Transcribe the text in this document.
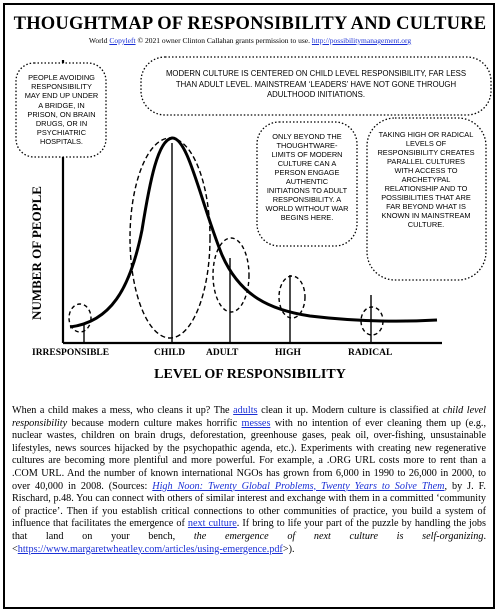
THOUGHTMAP OF RESPONSIBILITY AND CULTURE
World Copyleft © 2021 owner Clinton Callahan grants permission to use. http://possibilitymanagement.org
PEOPLE AVOIDING RESPONSIBILITY MAY END UP UNDER A BRIDGE, IN PRISON, ON BRAIN DRUGS, OR IN PSYCHIATRIC HOSPITALS.
MODERN CULTURE IS CENTERED ON CHILD LEVEL RESPONSIBILITY, FAR LESS THAN ADULT LEVEL. MAINSTREAM ‘LEADERS’ HAVE NOT GONE THROUGH ADULTHOOD INITIATIONS.
ONLY BEYOND THE THOUGHTWARE-LIMITS OF MODERN CULTURE CAN A PERSON ENGAGE AUTHENTIC INITIATIONS TO ADULT RESPONSIBILITY. A WORLD WITHOUT WAR BEGINS HERE.
TAKING HIGH OR RADICAL LEVELS OF RESPONSIBILITY CREATES PARALLEL CULTURES WITH ACCESS TO ARCHETYPAL RELATIONSHIP AND TO POSSIBILITIES THAT ARE FAR BEYOND WHAT IS KNOWN IN MAINSTREAM CULTURE.
NUMBER OF PEOPLE
IRRESPONSIBLE	CHILD ADULT	HIGH	RADICAL
LEVEL OF RESPONSIBILITY
When a child makes a mess, who cleans it up? The adults clean it up. Modern culture is classified at child level responsibility because modern culture makes horrific messes with no intention of ever cleaning them up (e.g., nuclear wastes, children on brain drugs, deforestation, greenhouse gases, peak oil, over-fishing, unsustainable lifestyles, news sources hijacked by the psychopathic agenda, etc.). Experiments with creating new regenerative cultures are becoming more plentiful and more powerful. For example, a .ORG URL costs more to rent than a .COM URL. And the number of known international NGOs has grown from 6,000 in 1990 to 26,000 in 2000, to over 40,000 in 2008. (Sources: High Noon: Twenty Global Problems, Twenty Years to Solve Them, by J. F. Rischard, p.48. You can connect with others of similar interest and exchange with them in a committed ‘community of practice’. Then if you establish critical connections to other communities of practice, you build a system of influence that facilitates the emergence of next culture. If bring to life your part of the puzzle by handling the jobs that land on your bench, the emergence of next culture is self-organizing. <https://www.margaretwheatley.com/articles/using-emergence.pdf>).
